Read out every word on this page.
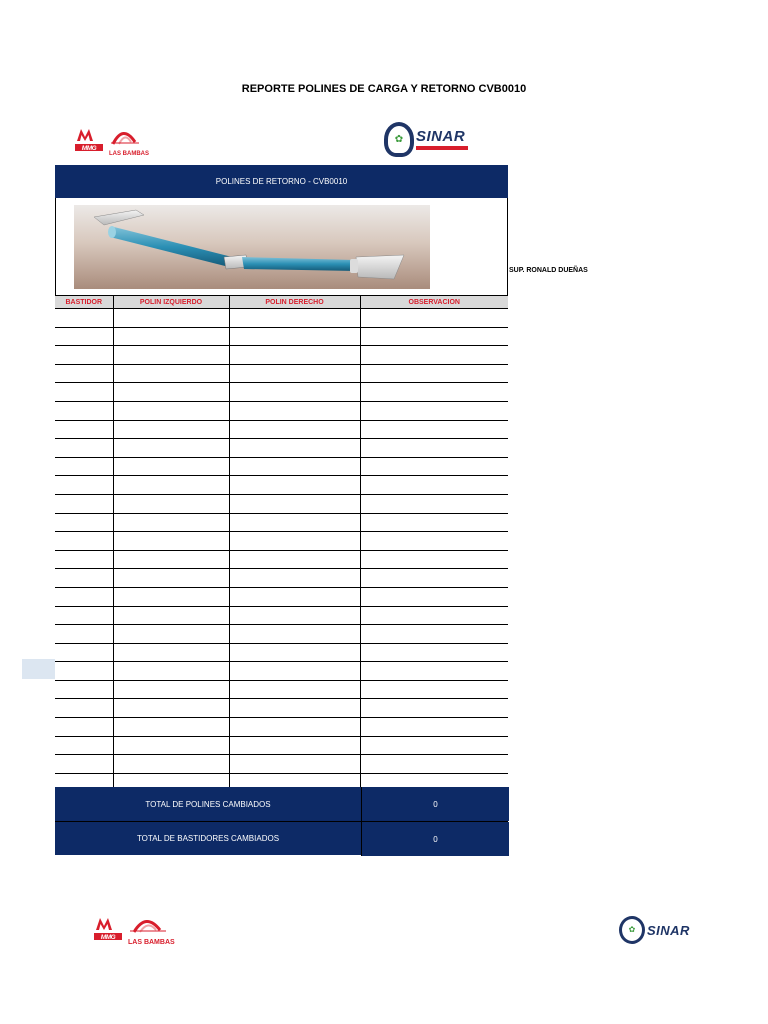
REPORTE POLINES DE CARGA Y RETORNO CVB0010
MMG
LAS BAMBAS
✿ SINAR
POLINES DE RETORNO - CVB0010
SUP. RONALD DUEÑAS
BASTIDOR	POLIN IZQUIERDO	POLIN DERECHO	OBSERVACION

TOTAL DE POLINES CAMBIADOS	0
TOTAL DE BASTIDORES CAMBIADOS	0
MMG
LAS BAMBAS
✿ SINAR
